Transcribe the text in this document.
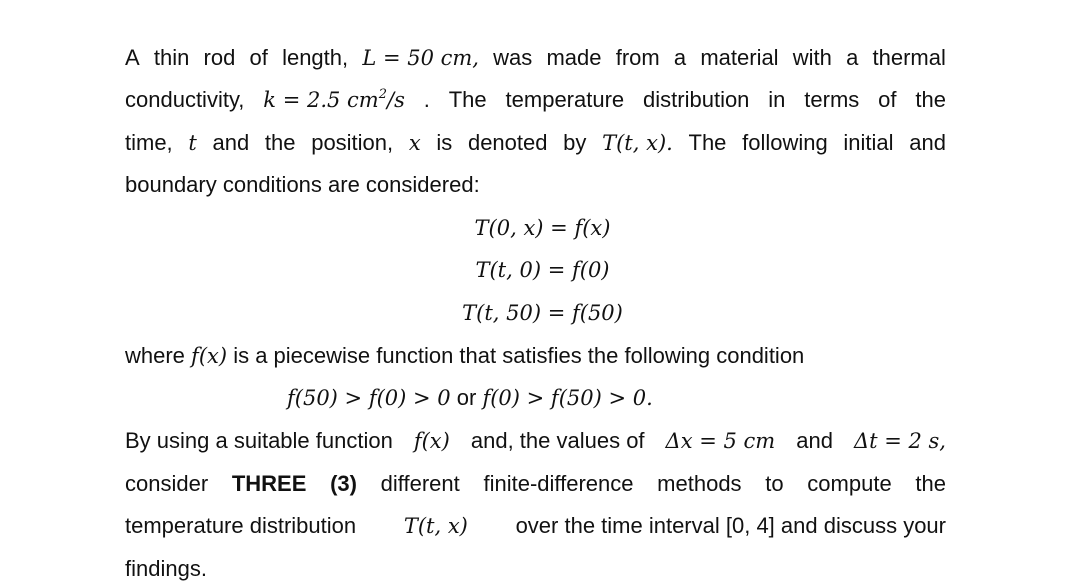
A thin rod of length, L = 50 cm, was made from a material with a thermal
conductivity, k = 2.5 $cm^2/s$ . The temperature distribution in terms of the
time, t and the position, x is denoted by T(t, x). The following initial and
boundary conditions are considered:
T(0, x) = f(x)
T(t, 0) = f(0)
T(t, 50) = f(50)
where f(x) is a piecewise function that satisfies the following condition
f(50) > f(0) > 0 or f(0) > f(50) > 0.
By using a suitable function f(x) and, the values of Δx = 5 cm and Δt = 2 s,
consider THREE (3) different finite-difference methods to compute the
temperature distribution T(t, x) over the time interval [0, 4] and discuss your
findings.
